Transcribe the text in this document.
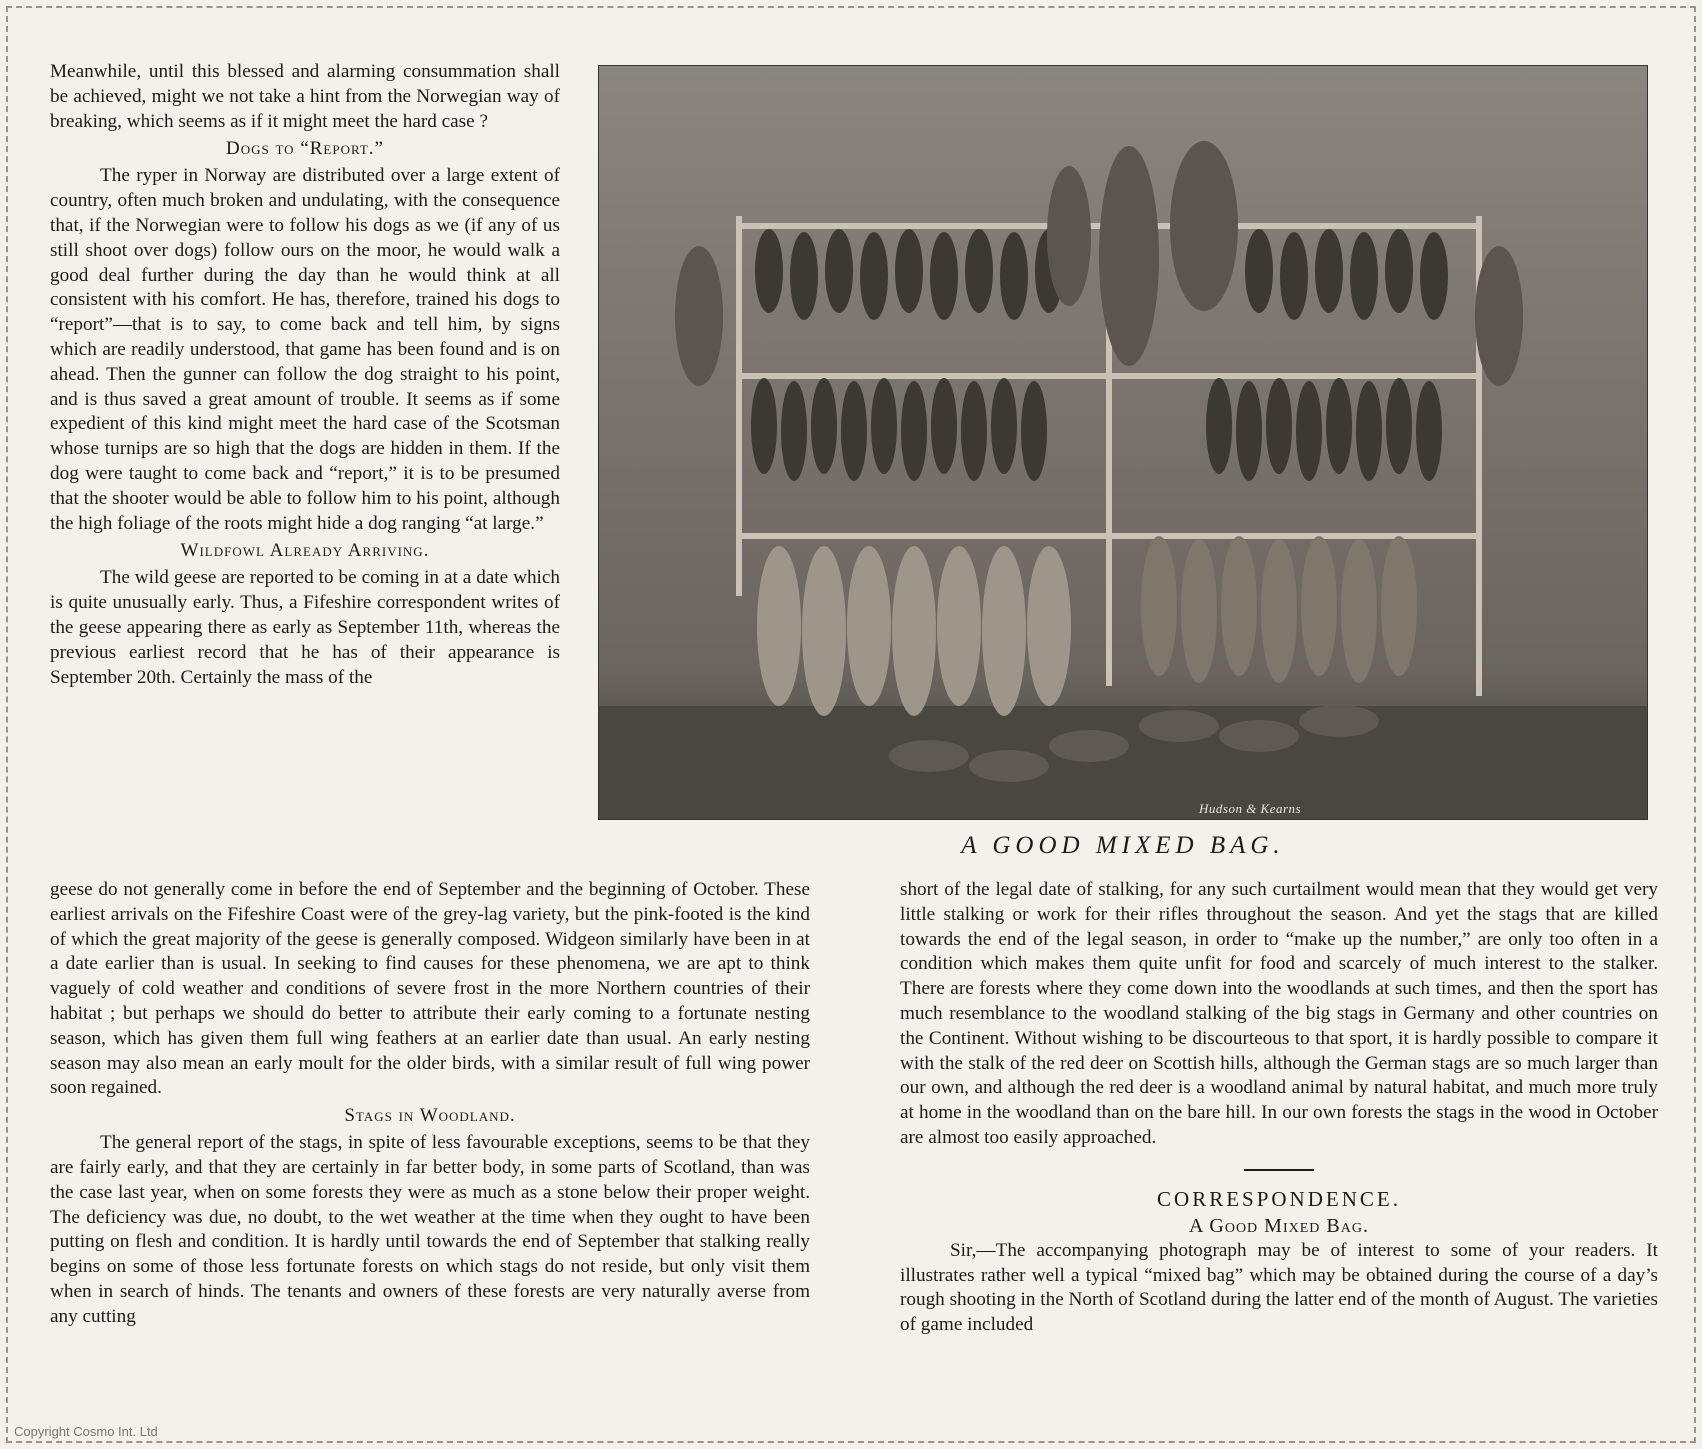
Meanwhile, until this blessed and alarming consummation shall be achieved, might we not take a hint from the Norwegian way of breaking, which seems as if it might meet the hard case ?

Dogs to “Report.”

The ryper in Norway are distributed over a large extent of country, often much broken and undulating, with the consequence that, if the Norwegian were to follow his dogs as we (if any of us still shoot over dogs) follow ours on the moor, he would walk a good deal further during the day than he would think at all consistent with his comfort. He has, therefore, trained his dogs to “report”—that is to say, to come back and tell him, by signs which are readily understood, that game has been found and is on ahead. Then the gunner can follow the dog straight to his point, and is thus saved a great amount of trouble. It seems as if some expedient of this kind might meet the hard case of the Scotsman whose turnips are so high that the dogs are hidden in them. If the dog were taught to come back and “report,” it is to be presumed that the shooter would be able to follow him to his point, although the high foliage of the roots might hide a dog ranging “at large.”

Wildfowl Already Arriving.

The wild geese are reported to be coming in at a date which is quite unusually early. Thus, a Fifeshire correspondent writes of the geese appearing there as early as September 11th, whereas the previous earliest record that he has of their appearance is September 20th. Certainly the mass of the

Hudson & Kearns
A GOOD MIXED BAG.

geese do not generally come in before the end of September and the beginning of October. These earliest arrivals on the Fifeshire Coast were of the grey-lag variety, but the pink-footed is the kind of which the great majority of the geese is generally composed. Widgeon similarly have been in at a date earlier than is usual. In seeking to find causes for these phenomena, we are apt to think vaguely of cold weather and conditions of severe frost in the more Northern countries of their habitat ; but perhaps we should do better to attribute their early coming to a fortunate nesting season, which has given them full wing feathers at an earlier date than usual. An early nesting season may also mean an early moult for the older birds, with a similar result of full wing power soon regained.

Stags in Woodland.

The general report of the stags, in spite of less favourable exceptions, seems to be that they are fairly early, and that they are certainly in far better body, in some parts of Scotland, than was the case last year, when on some forests they were as much as a stone below their proper weight. The deficiency was due, no doubt, to the wet weather at the time when they ought to have been putting on flesh and condition. It is hardly until towards the end of September that stalking really begins on some of those less fortunate forests on which stags do not reside, but only visit them when in search of hinds. The tenants and owners of these forests are very naturally averse from any cutting

short of the legal date of stalking, for any such curtailment would mean that they would get very little stalking or work for their rifles throughout the season. And yet the stags that are killed towards the end of the legal season, in order to “make up the number,” are only too often in a condition which makes them quite unfit for food and scarcely of much interest to the stalker. There are forests where they come down into the woodlands at such times, and then the sport has much resemblance to the woodland stalking of the big stags in Germany and other countries on the Continent. Without wishing to be discourteous to that sport, it is hardly possible to compare it with the stalk of the red deer on Scottish hills, although the German stags are so much larger than our own, and although the red deer is a woodland animal by natural habitat, and much more truly at home in the woodland than on the bare hill. In our own forests the stags in the wood in October are almost too easily approached.

CORRESPONDENCE.
A Good Mixed Bag.

Sir,—The accompanying photograph may be of interest to some of your readers. It illustrates rather well a typical “mixed bag” which may be obtained during the course of a day’s rough shooting in the North of Scotland during the latter end of the month of August. The varieties of game included

Copyright Cosmo Int. Ltd
